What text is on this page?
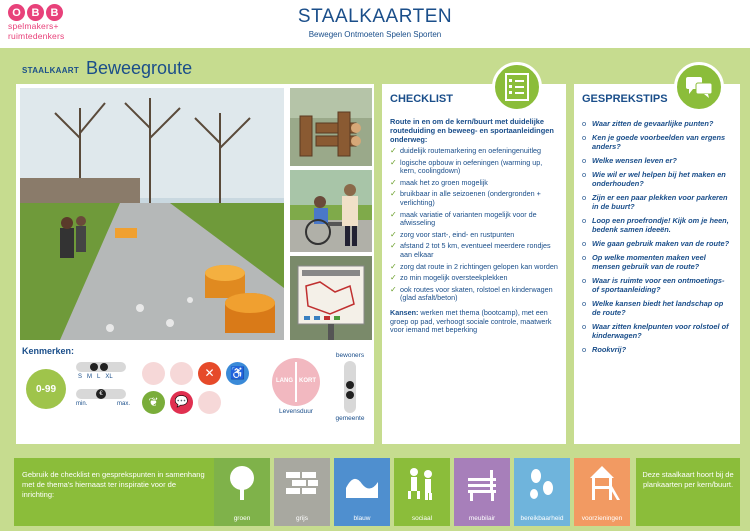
O B	B
spelmakers+
ruimtedenkers
STAALKAARTEN
Bewegen Ontmoeten Spelen Sporten
STAALKAART Beweegroute
Kenmerken:
0-99
S M L XL
€
min.	max.
✕	♿
❦	💬
LANG KORT
Levensduur
bewoners
gemeente
CHECKLIST
Route in en om de kern/buurt met duidelijke routeduiding en beweeg- en sportaanleidingen onderweg:
✓ duidelijk routemarkering en oefeningenuitleg
✓ logische opbouw in oefeningen (warming up, kern, coolingdown)
✓ maak het zo groen mogelijk
✓ bruikbaar in alle seizoenen (ondergronden + verlichting)
✓ maak variatie of varianten mogelijk voor de afwisseling
✓ zorg voor start-, eind- en rustpunten
✓ afstand 2 tot 5 km, eventueel meerdere rondjes aan elkaar
✓ zorg dat route in 2 richtingen gelopen kan worden
✓ zo min mogelijk oversteekplekken
✓ ook routes voor skaten, rolstoel en kinderwagen (glad asfalt/beton)
Kansen: werken met thema (bootcamp), met een groep op pad, verhoogt sociale controle, maatwerk voor iemand met beperking
GESPREKSTIPS
o Waar zitten de gevaarlijke punten?
o Ken je goede voorbeelden van ergens anders?
o Welke wensen leven er?
o Wie wil er wel helpen bij het maken en onderhouden?
o Zijn er een paar plekken voor parkeren in de buurt?
o Loop een proefrondje! Kijk om je heen, bedenk samen ideeën.
o Wie gaan gebruik maken van de route?
o Op welke momenten maken veel mensen gebruik van de route?
o Waar is ruimte voor een ontmoetings- of sportaanleiding?
o Welke kansen biedt het landschap op de route?
o Waar zitten knelpunten voor rolstoel of kinderwagen?
o Rookvrij?
Gebruik de checklist en gesprekspunten in samenhang met de thema's hiernaast ter inspiratie voor de inrichting:
groen	grijs	blauw	sociaal	meubilair	bereikbaarheid	voorzieningen
Deze staalkaart hoort bij de plankaarten per kern/buurt.
